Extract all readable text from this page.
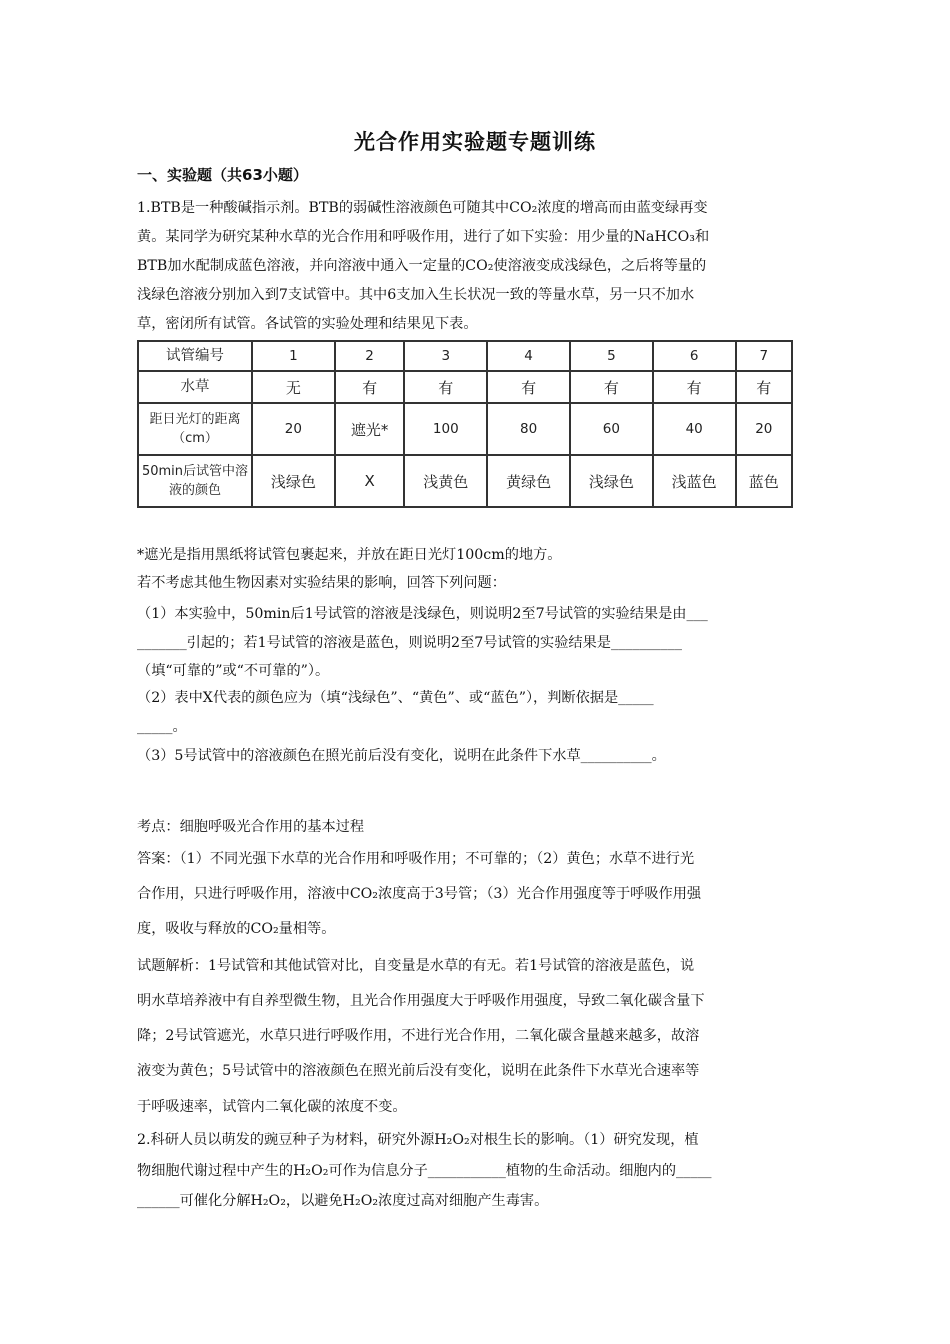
光合作用实验题专题训练
一、实验题（共63小题）
1.BTB是一种酸碱指示剂。BTB的弱碱性溶液颜色可随其中CO₂浓度的增高而由蓝变绿再变
黄。某同学为研究某种水草的光合作用和呼吸作用，进行了如下实验：用少量的NaHCO₃和
BTB加水配制成蓝色溶液，并向溶液中通入一定量的CO₂使溶液变成浅绿色，之后将等量的
浅绿色溶液分别加入到7支试管中。其中6支加入生长状况一致的等量水草，另一只不加水
草，密闭所有试管。各试管的实验处理和结果见下表。
试管编号	1	2	3	4	5	6	7
水草	无	有	有	有	有	有	有
距日光灯的距离（cm）	20	遮光*	100	80	60	40	20
50min后试管中溶液的颜色	浅绿色	X	浅黄色	黄绿色	浅绿色	浅蓝色	蓝色
*遮光是指用黑纸将试管包裹起来，并放在距日光灯100cm的地方。
若不考虑其他生物因素对实验结果的影响，回答下列问题：
（1）本实验中，50min后1号试管的溶液是浅绿色，则说明2至7号试管的实验结果是由___
_______引起的；若1号试管的溶液是蓝色，则说明2至7号试管的实验结果是__________
（填“可靠的”或“不可靠的”）。
（2）表中X代表的颜色应为（填“浅绿色”、“黄色”、或“蓝色”），判断依据是_____
_____。
（3）5号试管中的溶液颜色在照光前后没有变化，说明在此条件下水草__________。
考点：细胞呼吸光合作用的基本过程
答案：（1）不同光强下水草的光合作用和呼吸作用；不可靠的；（2）黄色；水草不进行光
合作用，只进行呼吸作用，溶液中CO₂浓度高于3号管；（3）光合作用强度等于呼吸作用强
度，吸收与释放的CO₂量相等。
试题解析：1号试管和其他试管对比，自变量是水草的有无。若1号试管的溶液是蓝色，说
明水草培养液中有自养型微生物，且光合作用强度大于呼吸作用强度，导致二氧化碳含量下
降；2号试管遮光，水草只进行呼吸作用，不进行光合作用，二氧化碳含量越来越多，故溶
液变为黄色；5号试管中的溶液颜色在照光前后没有变化，说明在此条件下水草光合速率等
于呼吸速率，试管内二氧化碳的浓度不变。
2.科研人员以萌发的豌豆种子为材料，研究外源H₂O₂对根生长的影响。（1）研究发现，植
物细胞代谢过程中产生的H₂O₂可作为信息分子___________植物的生命活动。细胞内的_____
______可催化分解H₂O₂，以避免H₂O₂浓度过高对细胞产生毒害。
